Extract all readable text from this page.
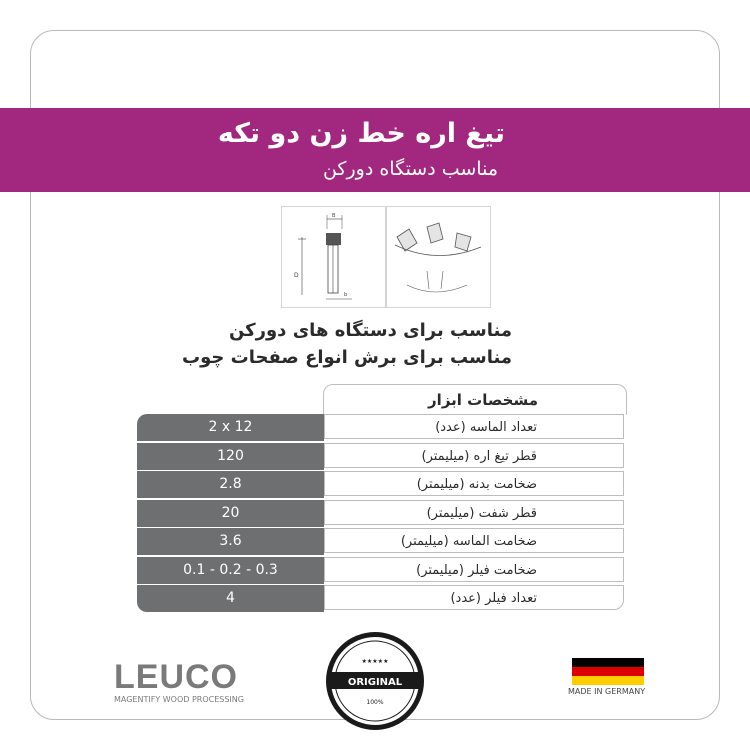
تیغ اره خط زن دو تکه
مناسب دستگاه دورکن
B
D
b
مناسب برای دستگاه های دورکن
مناسب برای برش انواع صفحات چوب
مشخصات ابزار
2 x 12	تعداد الماسه (عدد)
120	قطر تیغ اره (میلیمتر)
2.8	ضخامت بدنه (میلیمتر)
20	قطر شفت (میلیمتر)
3.6	ضخامت الماسه (میلیمتر)
0.1 - 0.2 - 0.3	ضخامت فیلر (میلیمتر)
4	تعداد فیلر (عدد)
LEUCO
MAGENTIFY WOOD PROCESSING
ORIGINAL
★★★★★
100%
MADE IN GERMANY
